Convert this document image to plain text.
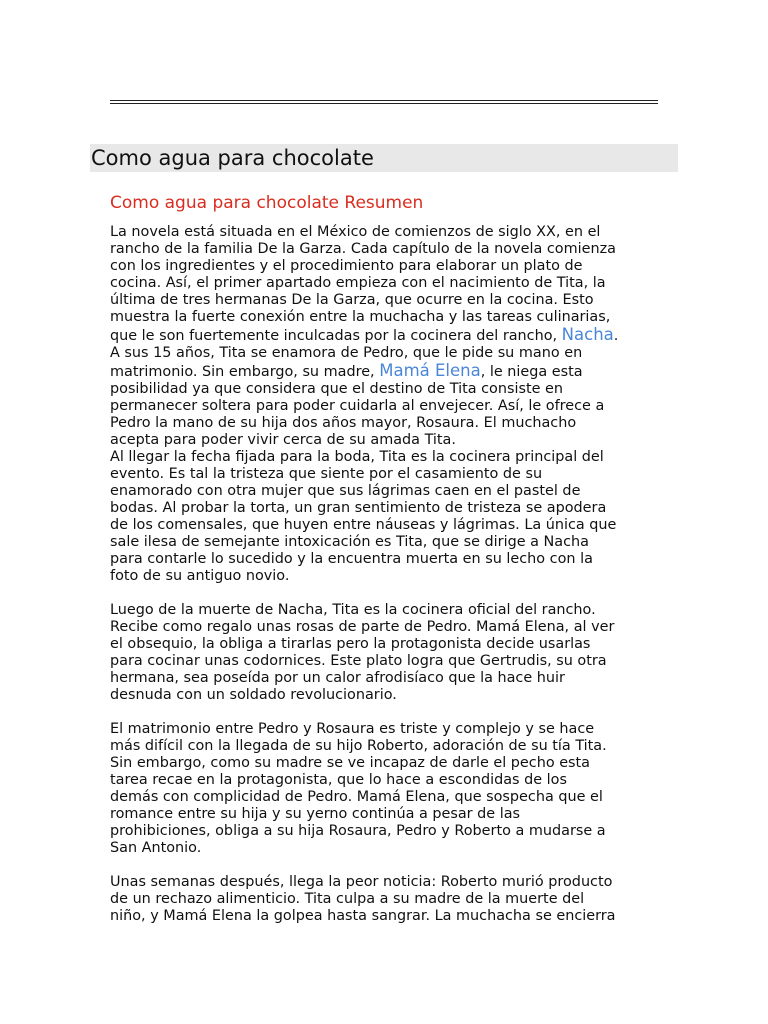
Como agua para chocolate
Como agua para chocolate Resumen

La novela está situada en el México de comienzos de siglo XX, en el
rancho de la familia De la Garza. Cada capítulo de la novela comienza
con los ingredientes y el procedimiento para elaborar un plato de
cocina. Así, el primer apartado empieza con el nacimiento de Tita, la
última de tres hermanas De la Garza, que ocurre en la cocina. Esto
muestra la fuerte conexión entre la muchacha y las tareas culinarias,
que le son fuertemente inculcadas por la cocinera del rancho, Nacha.
A sus 15 años, Tita se enamora de Pedro, que le pide su mano en
matrimonio. Sin embargo, su madre, Mamá Elena, le niega esta
posibilidad ya que considera que el destino de Tita consiste en
permanecer soltera para poder cuidarla al envejecer. Así, le ofrece a
Pedro la mano de su hija dos años mayor, Rosaura. El muchacho
acepta para poder vivir cerca de su amada Tita.
Al llegar la fecha fijada para la boda, Tita es la cocinera principal del
evento. Es tal la tristeza que siente por el casamiento de su
enamorado con otra mujer que sus lágrimas caen en el pastel de
bodas. Al probar la torta, un gran sentimiento de tristeza se apodera
de los comensales, que huyen entre náuseas y lágrimas. La única que
sale ilesa de semejante intoxicación es Tita, que se dirige a Nacha
para contarle lo sucedido y la encuentra muerta en su lecho con la
foto de su antiguo novio.

Luego de la muerte de Nacha, Tita es la cocinera oficial del rancho.
Recibe como regalo unas rosas de parte de Pedro. Mamá Elena, al ver
el obsequio, la obliga a tirarlas pero la protagonista decide usarlas
para cocinar unas codornices. Este plato logra que Gertrudis, su otra
hermana, sea poseída por un calor afrodisíaco que la hace huir
desnuda con un soldado revolucionario.

El matrimonio entre Pedro y Rosaura es triste y complejo y se hace
más difícil con la llegada de su hijo Roberto, adoración de su tía Tita.
Sin embargo, como su madre se ve incapaz de darle el pecho esta
tarea recae en la protagonista, que lo hace a escondidas de los
demás con complicidad de Pedro. Mamá Elena, que sospecha que el
romance entre su hija y su yerno continúa a pesar de las
prohibiciones, obliga a su hija Rosaura, Pedro y Roberto a mudarse a
San Antonio.

Unas semanas después, llega la peor noticia: Roberto murió producto
de un rechazo alimenticio. Tita culpa a su madre de la muerte del
niño, y Mamá Elena la golpea hasta sangrar. La muchacha se encierra
